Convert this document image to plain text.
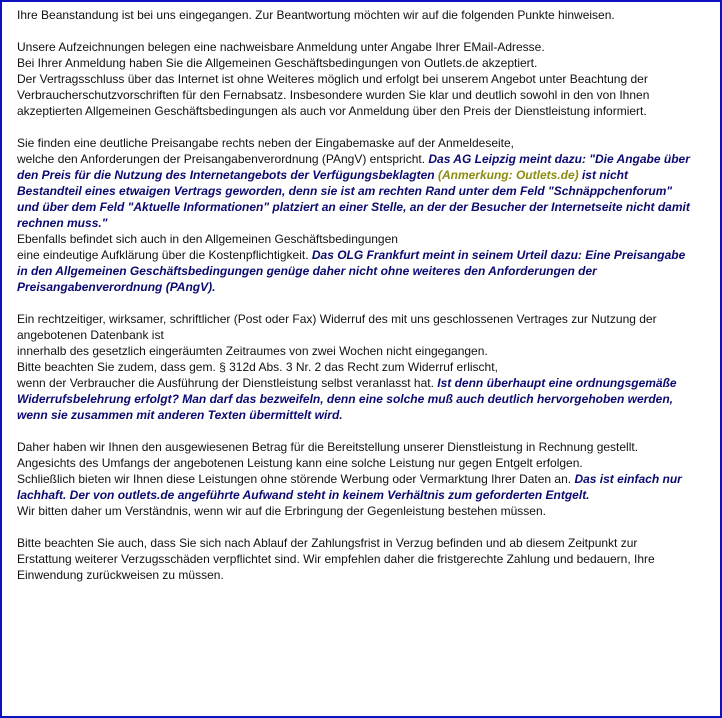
Ihre Beanstandung ist bei uns eingegangen. Zur Beantwortung möchten wir auf die folgenden Punkte hinweisen.

Unsere Aufzeichnungen belegen eine nachweisbare Anmeldung unter Angabe Ihrer EMail-Adresse.
Bei Ihrer Anmeldung haben Sie die Allgemeinen Geschäftsbedingungen von Outlets.de akzeptiert.
Der Vertragsschluss über das Internet ist ohne Weiteres möglich und erfolgt bei unserem Angebot unter Beachtung der Verbraucherschutzvorschriften für den Fernabsatz. Insbesondere wurden Sie klar und deutlich sowohl in den von Ihnen akzeptierten Allgemeinen Geschäftsbedingungen als auch vor Anmeldung über den Preis der Dienstleistung informiert.

Sie finden eine deutliche Preisangabe rechts neben der Eingabemaske auf der Anmeldeseite,
welche den Anforderungen der Preisangabenverordnung (PAngV) entspricht. Das AG Leipzig meint dazu: "Die Angabe über den Preis für die Nutzung des Internetangebots der Verfügungsbeklagten (Anmerkung: Outlets.de) ist nicht Bestandteil eines etwaigen Vertrags geworden, denn sie ist am rechten Rand unter dem Feld "Schnäppchenforum" und über dem Feld "Aktuelle Informationen" platziert an einer Stelle, an der der Besucher der Internetseite nicht damit rechnen muss."
Ebenfalls befindet sich auch in den Allgemeinen Geschäftsbedingungen
eine eindeutige Aufklärung über die Kostenpflichtigkeit. Das OLG Frankfurt meint in seinem Urteil dazu: Eine Preisangabe in den Allgemeinen Geschäftsbedingungen genüge daher nicht ohne weiteres den Anforderungen der Preisangabenverordnung (PAngV).

Ein rechtzeitiger, wirksamer, schriftlicher (Post oder Fax) Widerruf des mit uns geschlossenen Vertrages zur Nutzung der angebotenen Datenbank ist
innerhalb des gesetzlich eingeräumten Zeitraumes von zwei Wochen nicht eingegangen.
Bitte beachten Sie zudem, dass gem. § 312d Abs. 3 Nr. 2 das Recht zum Widerruf erlischt,
wenn der Verbraucher die Ausführung der Dienstleistung selbst veranlasst hat. Ist denn überhaupt eine ordnungsgemäße Widerrufsbelehrung erfolgt? Man darf das bezweifeln, denn eine solche muß auch deutlich hervorgehoben werden, wenn sie zusammen mit anderen Texten übermittelt wird.

Daher haben wir Ihnen den ausgewiesenen Betrag für die Bereitstellung unserer Dienstleistung in Rechnung gestellt.
Angesichts des Umfangs der angebotenen Leistung kann eine solche Leistung nur gegen Entgelt erfolgen.
Schließlich bieten wir Ihnen diese Leistungen ohne störende Werbung oder Vermarktung Ihrer Daten an. Das ist einfach nur lachhaft. Der von outlets.de angeführte Aufwand steht in keinem Verhältnis zum geforderten Entgelt.
Wir bitten daher um Verständnis, wenn wir auf die Erbringung der Gegenleistung bestehen müssen.

Bitte beachten Sie auch, dass Sie sich nach Ablauf der Zahlungsfrist in Verzug befinden und ab diesem Zeitpunkt zur Erstattung weiterer Verzugsschäden verpflichtet sind. Wir empfehlen daher die fristgerechte Zahlung und bedauern, Ihre Einwendung zurückweisen zu müssen.
